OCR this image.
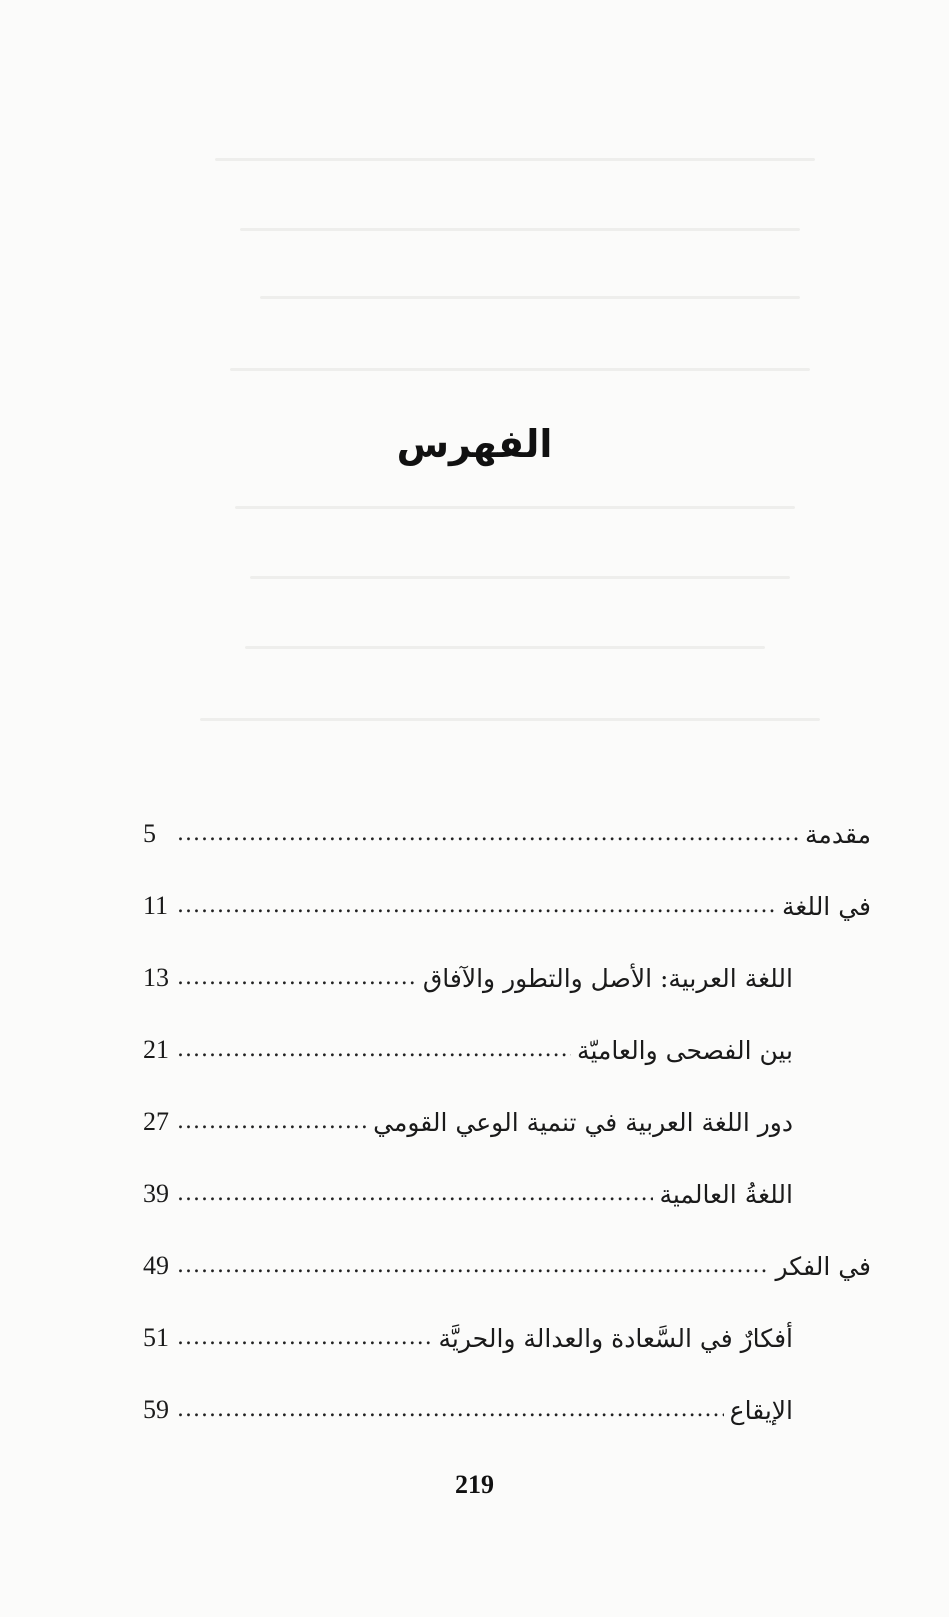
الفهرس
مقدمة
.....
5
في اللغة
.....
11
اللغة العربية: الأصل والتطور والآفاق
.....
13
بين الفصحى والعاميّة
.....
21
دور اللغة العربية في تنمية الوعي القومي
.....
27
اللغةُ العالمية
.....
39
في الفكر
.....
49
أفكارٌ في السَّعادة والعدالة والحريَّة
.....
51
الإيقاع
.....
59
219
